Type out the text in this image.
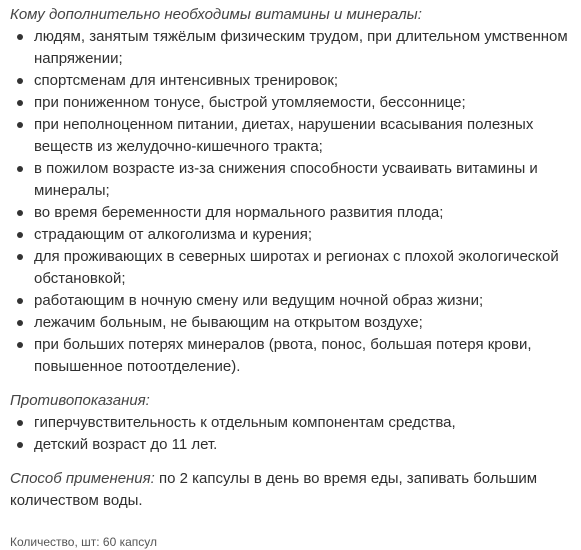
Кому дополнительно необходимы витамины и минералы:
людям, занятым тяжёлым физическим трудом, при длительном умственном напряжении;
спортсменам для интенсивных тренировок;
при пониженном тонусе, быстрой утомляемости, бессоннице;
при неполноценном питании, диетах, нарушении всасывания полезных веществ из желудочно-кишечного тракта;
в пожилом возрасте из-за снижения способности усваивать витамины и минералы;
во время беременности для нормального развития плода;
страдающим от алкоголизма и курения;
для проживающих в северных широтах и регионах с плохой экологической обстановкой;
работающим в ночную смену или ведущим ночной образ жизни;
лежачим больным, не бывающим на открытом воздухе;
при больших потерях минералов (рвота, понос, большая потеря крови, повышенное потоотделение).
Противопоказания:
гиперчувствительность к отдельным компонентам средства,
детский возраст до 11 лет.
Способ применения: по 2 капсулы в день во время еды, запивать большим количеством воды.
Количество, шт: 60 капсул
